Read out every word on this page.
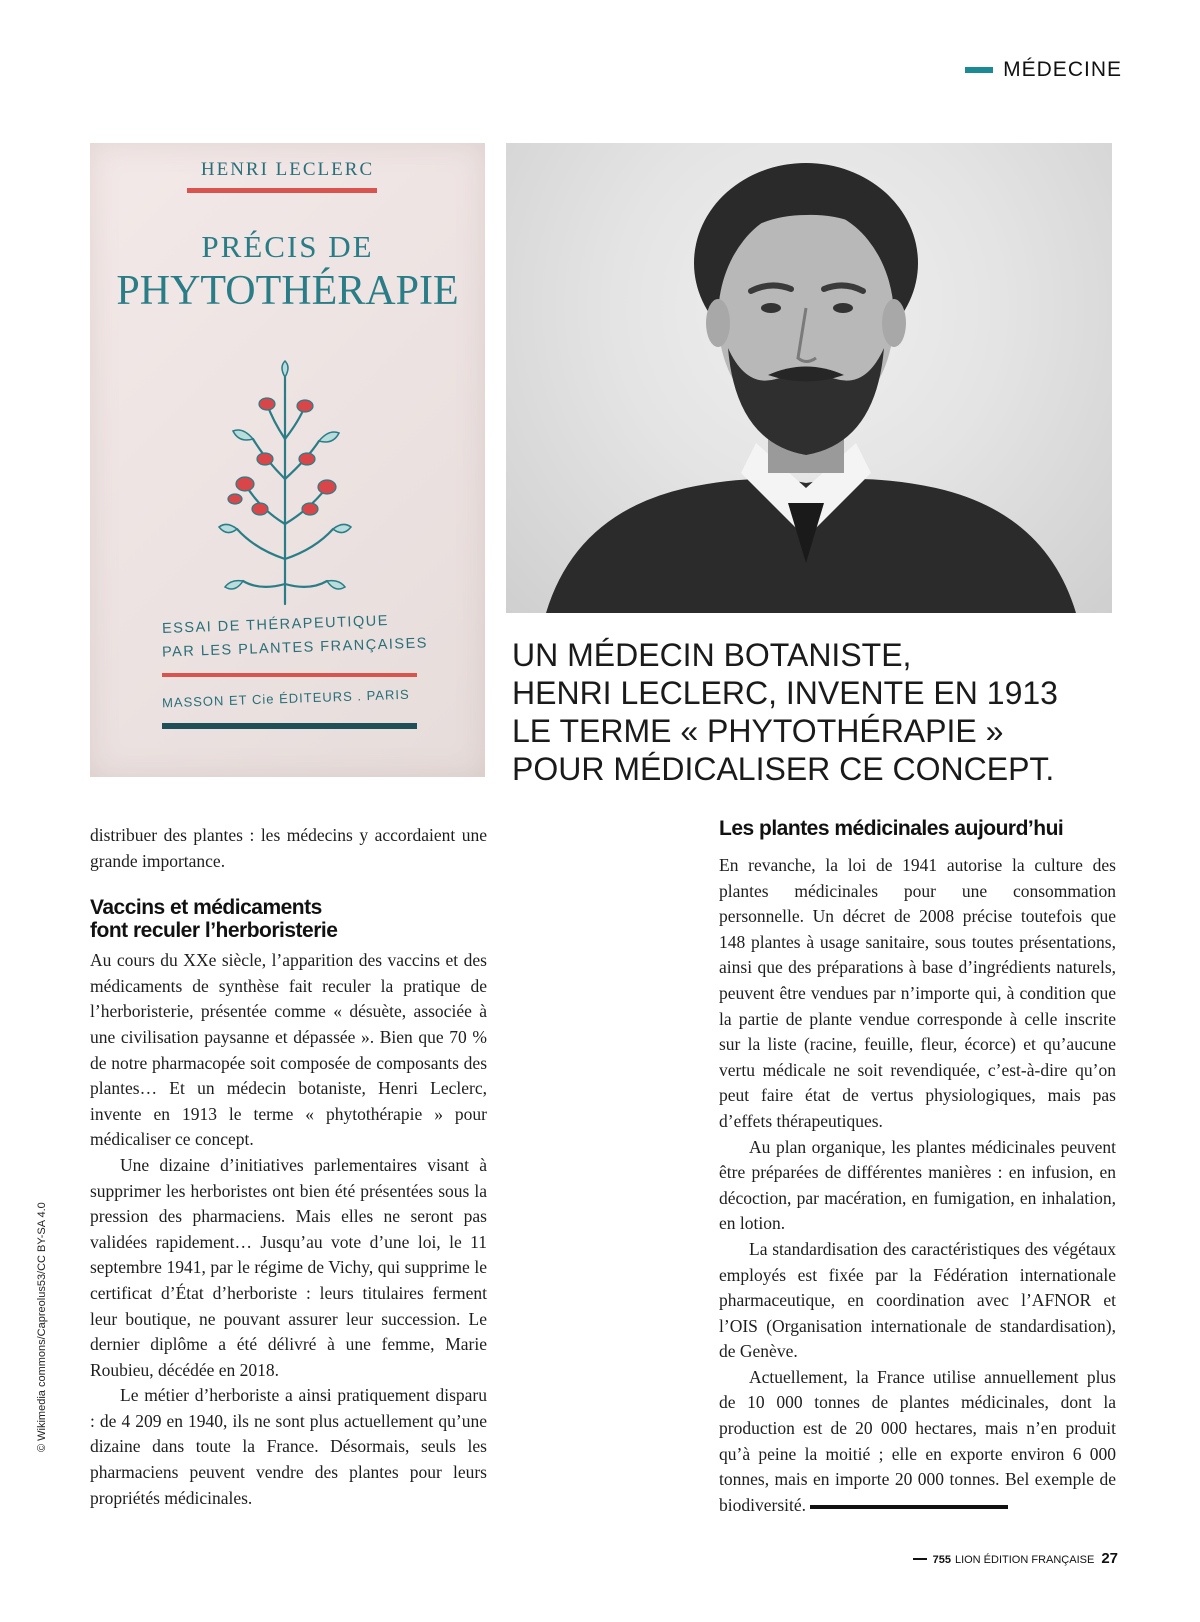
MÉDECINE
© Wikimedia commons/Capreolus53/CC BY-SA 4.0
HENRI LECLERC
PRÉCIS DE
PHYTOTHÉRAPIE
ESSAI DE THÉRAPEUTIQUE
PAR LES PLANTES FRANÇAISES
MASSON ET Cie ÉDITEURS . PARIS
UN MÉDECIN BOTANISTE,
HENRI LECLERC, INVENTE EN 1913
LE TERME « PHYTOTHÉRAPIE »
POUR MÉDICALISER CE CONCEPT.

distribuer des plantes : les médecins y accordaient une grande importance.

Vaccins et médicaments
font reculer l’herboristerie

Au cours du XXe siècle, l’apparition des vaccins et des médicaments de synthèse fait reculer la pratique de l’herboristerie, présentée comme « désuète, associée à une civilisation paysanne et dépassée ». Bien que 70 % de notre pharmacopée soit composée de composants des plantes… Et un médecin botaniste, Henri Leclerc, invente en 1913 le terme « phytothérapie » pour médicaliser ce concept.

Une dizaine d’initiatives parlementaires visant à supprimer les herboristes ont bien été présentées sous la pression des pharmaciens. Mais elles ne seront pas validées rapidement… Jusqu’au vote d’une loi, le 11 septembre 1941, par le régime de Vichy, qui supprime le certificat d’État d’herboriste : leurs titulaires ferment leur boutique, ne pouvant assurer leur succession. Le dernier diplôme a été délivré à une femme, Marie Roubieu, décédée en 2018.

Le métier d’herboriste a ainsi pratiquement disparu : de 4 209 en 1940, ils ne sont plus actuellement qu’une dizaine dans toute la France. Désormais, seuls les pharmaciens peuvent vendre des plantes pour leurs propriétés médicinales.

Les plantes médicinales aujourd’hui

En revanche, la loi de 1941 autorise la culture des plantes médicinales pour une consommation personnelle. Un décret de 2008 précise toutefois que 148 plantes à usage sanitaire, sous toutes présentations, ainsi que des préparations à base d’ingrédients naturels, peuvent être vendues par n’importe qui, à condition que la partie de plante vendue corresponde à celle inscrite sur la liste (racine, feuille, fleur, écorce) et qu’aucune vertu médicale ne soit revendiquée, c’est-à-dire qu’on peut faire état de vertus physiologiques, mais pas d’effets thérapeutiques.

Au plan organique, les plantes médicinales peuvent être préparées de différentes manières : en infusion, en décoction, par macération, en fumigation, en inhalation, en lotion.

La standardisation des caractéristiques des végétaux employés est fixée par la Fédération internationale pharmaceutique, en coordination avec l’AFNOR et l’OIS (Organisation internationale de standardisation), de Genève.

Actuellement, la France utilise annuellement plus de 10 000 tonnes de plantes médicinales, dont la production est de 20 000 hectares, mais n’en produit qu’à peine la moitié ; elle en exporte environ 6 000 tonnes, mais en importe 20 000 tonnes. Bel exemple de biodiversité.

755 LION ÉDITION FRANÇAISE 27
